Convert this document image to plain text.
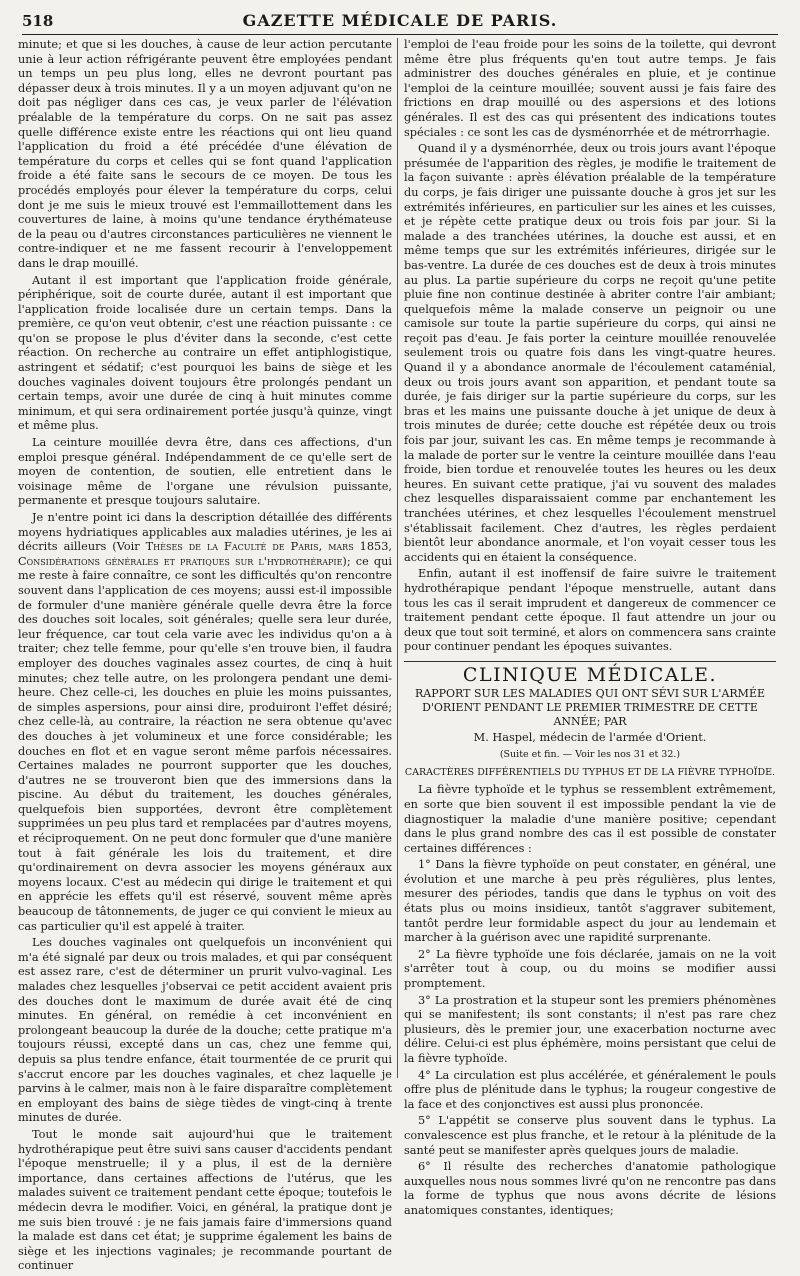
518	GAZETTE MÉDICALE DE PARIS.

minute; et que si les douches, à cause de leur action percutante unie à leur action réfrigérante peuvent être employées pendant un temps un peu plus long, elles ne devront pourtant pas dépasser deux à trois minutes. Il y a un moyen adjuvant qu'on ne doit pas négliger dans ces cas, je veux parler de l'élévation préalable de la température du corps. On ne sait pas assez quelle différence existe entre les réactions qui ont lieu quand l'application du froid a été précédée d'une élévation de température du corps et celles qui se font quand l'application froide a été faite sans le secours de ce moyen. De tous les procédés employés pour élever la température du corps, celui dont je me suis le mieux trouvé est l'emmaillottement dans les couvertures de laine, à moins qu'une tendance érythémateuse de la peau ou d'autres circonstances particulières ne viennent le contre-indiquer et ne me fassent recourir à l'enveloppement dans le drap mouillé.

Autant il est important que l'application froide générale, périphérique, soit de courte durée, autant il est important que l'application froide localisée dure un certain temps. Dans la première, ce qu'on veut obtenir, c'est une réaction puissante : ce qu'on se propose le plus d'éviter dans la seconde, c'est cette réaction. On recherche au contraire un effet antiphlogistique, astringent et sédatif; c'est pourquoi les bains de siège et les douches vaginales doivent toujours être prolongés pendant un certain temps, avoir une durée de cinq à huit minutes comme minimum, et qui sera ordinairement portée jusqu'à quinze, vingt et même plus.

La ceinture mouillée devra être, dans ces affections, d'un emploi presque général. Indépendamment de ce qu'elle sert de moyen de contention, de soutien, elle entretient dans le voisinage même de l'organe une révulsion puissante, permanente et presque toujours salutaire.

Je n'entre point ici dans la description détaillée des différents moyens hydriatiques applicables aux maladies utérines, je les ai décrits ailleurs (Voir Thèses de la Faculté de Paris, mars 1853, Considérations générales et pratiques sur l'hydrothérapie); ce qui me reste à faire connaître, ce sont les difficultés qu'on rencontre souvent dans l'application de ces moyens; aussi est-il impossible de formuler d'une manière générale quelle devra être la force des douches soit locales, soit générales; quelle sera leur durée, leur fréquence, car tout cela varie avec les individus qu'on a à traiter; chez telle femme, pour qu'elle s'en trouve bien, il faudra employer des douches vaginales assez courtes, de cinq à huit minutes; chez telle autre, on les prolongera pendant une demi-heure. Chez celle-ci, les douches en pluie les moins puissantes, de simples aspersions, pour ainsi dire, produiront l'effet désiré; chez celle-là, au contraire, la réaction ne sera obtenue qu'avec des douches à jet volumineux et une force considérable; les douches en flot et en vague seront même parfois nécessaires. Certaines malades ne pourront supporter que les douches, d'autres ne se trouveront bien que des immersions dans la piscine. Au début du traitement, les douches générales, quelquefois bien supportées, devront être complètement supprimées un peu plus tard et remplacées par d'autres moyens, et réciproquement. On ne peut donc formuler que d'une manière tout à fait générale les lois du traitement, et dire qu'ordinairement on devra associer les moyens généraux aux moyens locaux. C'est au médecin qui dirige le traitement et qui en apprécie les effets qu'il est réservé, souvent même après beaucoup de tâtonnements, de juger ce qui convient le mieux au cas particulier qu'il est appelé à traiter.

Les douches vaginales ont quelquefois un inconvénient qui m'a été signalé par deux ou trois malades, et qui par conséquent est assez rare, c'est de déterminer un prurit vulvo-vaginal. Les malades chez lesquelles j'observai ce petit accident avaient pris des douches dont le maximum de durée avait été de cinq minutes. En général, on remédie à cet inconvénient en prolongeant beaucoup la durée de la douche; cette pratique m'a toujours réussi, excepté dans un cas, chez une femme qui, depuis sa plus tendre enfance, était tourmentée de ce prurit qui s'accrut encore par les douches vaginales, et chez laquelle je parvins à le calmer, mais non à le faire disparaître complètement en employant des bains de siège tièdes de vingt-cinq à trente minutes de durée.

Tout le monde sait aujourd'hui que le traitement hydrothérapique peut être suivi sans causer d'accidents pendant l'époque menstruelle; il y a plus, il est de la dernière importance, dans certaines affections de l'utérus, que les malades suivent ce traitement pendant cette époque; toutefois le médecin devra le modifier. Voici, en général, la pratique dont je me suis bien trouvé : je ne fais jamais faire d'immersions quand la malade est dans cet état; je supprime également les bains de siège et les injections vaginales; je recommande pourtant de continuer

l'emploi de l'eau froide pour les soins de la toilette, qui devront même être plus fréquents qu'en tout autre temps. Je fais administrer des douches générales en pluie, et je continue l'emploi de la ceinture mouillée; souvent aussi je fais faire des frictions en drap mouillé ou des aspersions et des lotions générales. Il est des cas qui présentent des indications toutes spéciales : ce sont les cas de dysménorrhée et de métrorrhagie.

Quand il y a dysménorrhée, deux ou trois jours avant l'époque présumée de l'apparition des règles, je modifie le traitement de la façon suivante : après élévation préalable de la température du corps, je fais diriger une puissante douche à gros jet sur les extrémités inférieures, en particulier sur les aines et les cuisses, et je répète cette pratique deux ou trois fois par jour. Si la malade a des tranchées utérines, la douche est aussi, et en même temps que sur les extrémités inférieures, dirigée sur le bas-ventre. La durée de ces douches est de deux à trois minutes au plus. La partie supérieure du corps ne reçoit qu'une petite pluie fine non continue destinée à abriter contre l'air ambiant; quelquefois même la malade conserve un peignoir ou une camisole sur toute la partie supérieure du corps, qui ainsi ne reçoit pas d'eau. Je fais porter la ceinture mouillée renouvelée seulement trois ou quatre fois dans les vingt-quatre heures. Quand il y a abondance anormale de l'écoulement cataménial, deux ou trois jours avant son apparition, et pendant toute sa durée, je fais diriger sur la partie supérieure du corps, sur les bras et les mains une puissante douche à jet unique de deux à trois minutes de durée; cette douche est répétée deux ou trois fois par jour, suivant les cas. En même temps je recommande à la malade de porter sur le ventre la ceinture mouillée dans l'eau froide, bien tordue et renouvelée toutes les heures ou les deux heures. En suivant cette pratique, j'ai vu souvent des malades chez lesquelles disparaissaient comme par enchantement les tranchées utérines, et chez lesquelles l'écoulement menstruel s'établissait facilement. Chez d'autres, les règles perdaient bientôt leur abondance anormale, et l'on voyait cesser tous les accidents qui en étaient la conséquence.

Enfin, autant il est inoffensif de faire suivre le traitement hydrothérapique pendant l'époque menstruelle, autant dans tous les cas il serait imprudent et dangereux de commencer ce traitement pendant cette époque. Il faut attendre un jour ou deux que tout soit terminé, et alors on commencera sans crainte pour continuer pendant les époques suivantes.

CLINIQUE MÉDICALE.
RAPPORT SUR LES MALADIES QUI ONT SÉVI SUR L'ARMÉE D'ORIENT PENDANT LE PREMIER TRIMESTRE DE CETTE ANNÉE; PAR
M. Haspel, médecin de l'armée d'Orient.
(Suite et fin. — Voir les nos 31 et 32.)
CARACTÈRES DIFFÉRENTIELS DU TYPHUS ET DE LA FIÈVRE TYPHOÏDE.

La fièvre typhoïde et le typhus se ressemblent extrêmement, en sorte que bien souvent il est impossible pendant la vie de diagnostiquer la maladie d'une manière positive; cependant dans le plus grand nombre des cas il est possible de constater certaines différences :

1° Dans la fièvre typhoïde on peut constater, en général, une évolution et une marche à peu près régulières, plus lentes, mesurer des périodes, tandis que dans le typhus on voit des états plus ou moins insidieux, tantôt s'aggraver subitement, tantôt perdre leur formidable aspect du jour au lendemain et marcher à la guérison avec une rapidité surprenante.

2° La fièvre typhoïde une fois déclarée, jamais on ne la voit s'arrêter tout à coup, ou du moins se modifier aussi promptement.

3° La prostration et la stupeur sont les premiers phénomènes qui se manifestent; ils sont constants; il n'est pas rare chez plusieurs, dès le premier jour, une exacerbation nocturne avec délire. Celui-ci est plus éphémère, moins persistant que celui de la fièvre typhoïde.

4° La circulation est plus accélérée, et généralement le pouls offre plus de plénitude dans le typhus; la rougeur congestive de la face et des conjonctives est aussi plus prononcée.

5° L'appétit se conserve plus souvent dans le typhus. La convalescence est plus franche, et le retour à la plénitude de la santé peut se manifester après quelques jours de maladie.

6° Il résulte des recherches d'anatomie pathologique auxquelles nous nous sommes livré qu'on ne rencontre pas dans la forme de typhus que nous avons décrite de lésions anatomiques constantes, identiques;
